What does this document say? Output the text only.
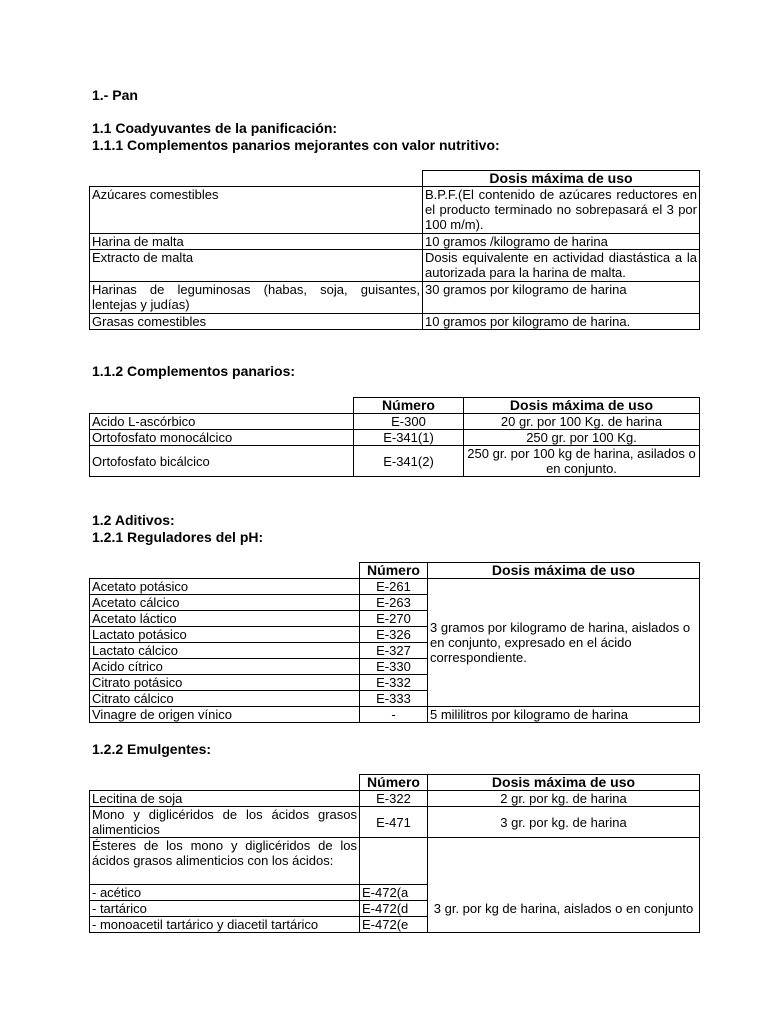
1.- Pan
1.1 Coadyuvantes de la panificación:
1.1.1 Complementos panarios mejorantes con valor nutritivo:
	Dosis máxima de uso
Azúcares comestibles	B.P.F.(El contenido de azúcares reductores en el producto terminado no sobrepasará el 3 por 100 m/m).
Harina de malta	10 gramos /kilogramo de harina
Extracto de malta	Dosis equivalente en actividad diastástica a la autorizada para la harina de malta.
Harinas de leguminosas (habas, soja, guisantes, lentejas y judías)	30 gramos por kilogramo de harina
Grasas comestibles	10 gramos por kilogramo de harina.
1.1.2 Complementos panarios:
	Número	Dosis máxima de uso
Acido L-ascórbico	E-300	20 gr. por 100 Kg. de harina
Ortofosfato monocálcico	E-341(1)	250 gr. por 100 Kg.
Ortofosfato bicálcico	E-341(2)	250 gr. por 100 kg de harina, asilados o en conjunto.
1.2 Aditivos:
1.2.1 Reguladores del pH:
	Número	Dosis máxima de uso
Acetato potásico	E-261	3 gramos por kilogramo de harina, aislados o en conjunto, expresado en el ácido correspondiente.
Acetato cálcico	E-263	
Acetato láctico	E-270	
Lactato potásico	E-326	
Lactato cálcico	E-327	
Acido cítrico	E-330	
Citrato potásico	E-332	
Citrato cálcico	E-333	
Vinagre de origen vínico	-	5 mililitros por kilogramo de harina
1.2.2 Emulgentes:
	Número	Dosis máxima de uso
Lecitina de soja	E-322	2 gr. por kg. de harina
Mono y diglicéridos de los ácidos grasos alimenticios	E-471	3 gr. por kg. de harina
Ésteres de los mono y diglicéridos de los ácidos grasos alimenticios con los ácidos:		
- acético	E-472(a	3 gr. por kg de harina, aislados o en conjunto
- tartárico	E-472(d	
- monoacetil tartárico y diacetil tartárico	E-472(e	
